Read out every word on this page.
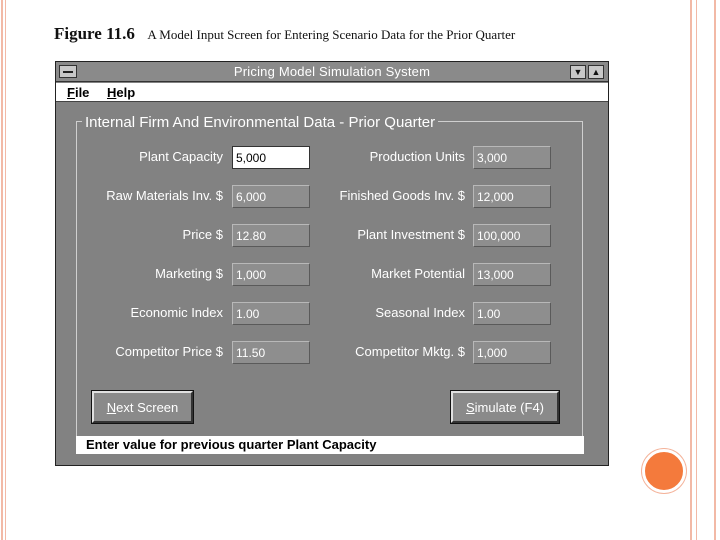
Figure 11.6 A Model Input Screen for Entering Scenario Data for the Prior Quarter
Pricing Model Simulation System	▼	▲
File Help
Internal Firm And Environmental Data - Prior Quarter
Plant Capacity	5,000
Raw Materials Inv. $	6,000
Price $	12.80
Marketing $	1,000
Economic Index	1.00
Competitor Price $	11.50
Production Units	3,000
Finished Goods Inv. $	12,000
Plant Investment $	100,000
Market Potential	13,000
Seasonal Index	1.00
Competitor Mktg. $	1,000
Next Screen	Simulate (F4)
Enter value for previous quarter Plant Capacity
